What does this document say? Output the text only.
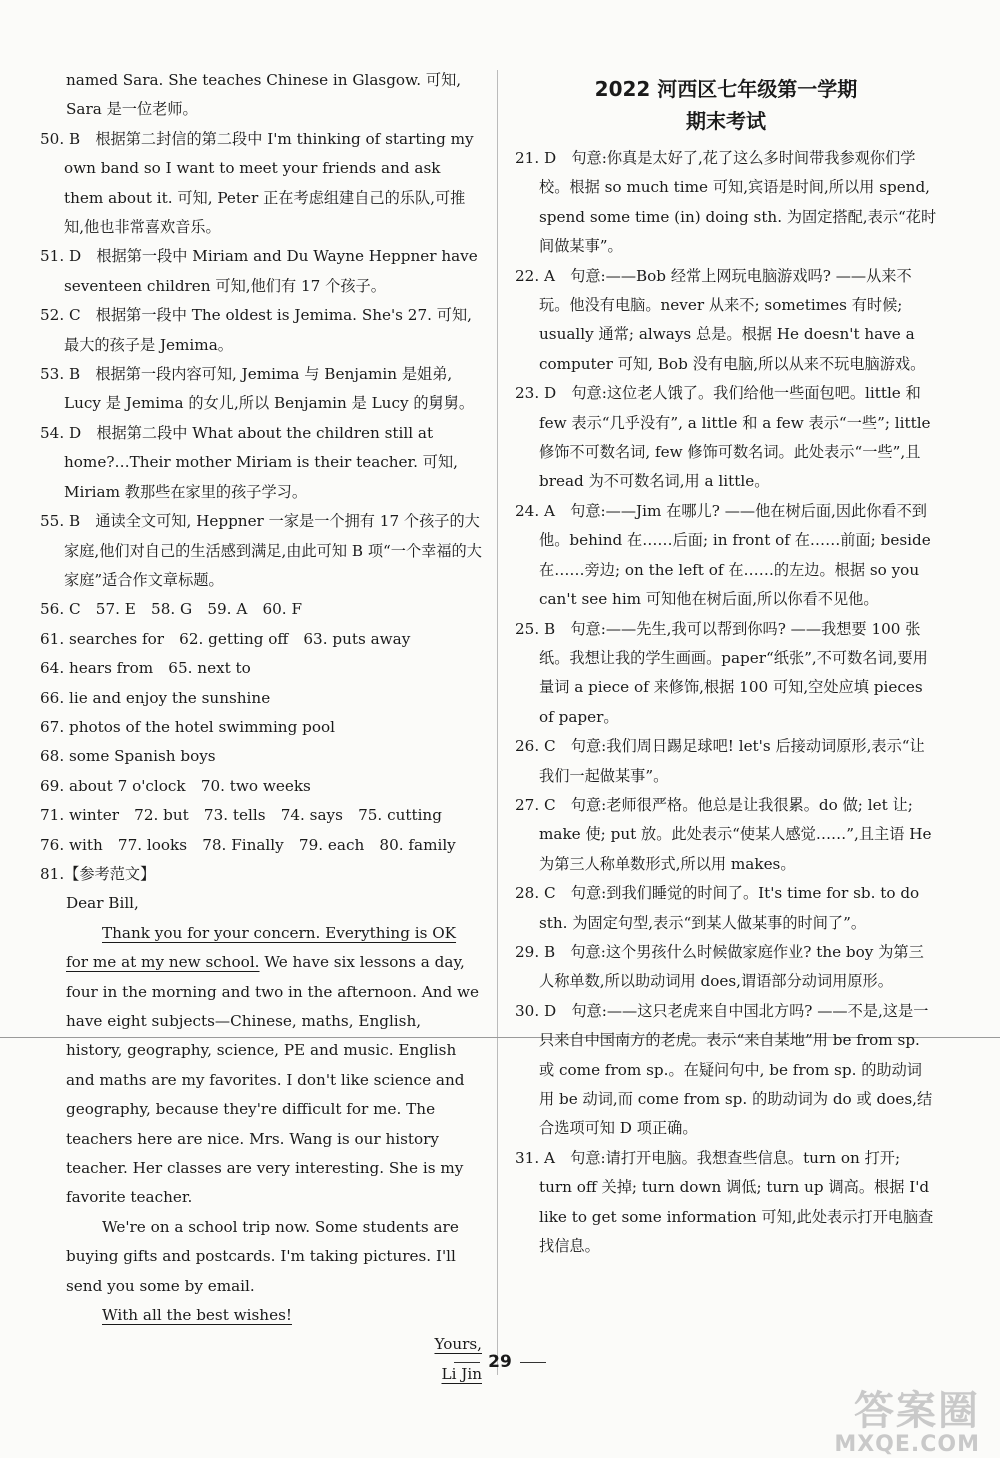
named Sara. She teaches Chinese in Glasgow. 可知,

Sara 是一位老师。

50. B　根据第二封信的第二段中 I'm thinking of starting my own band so I want to meet your friends and ask them about it. 可知, Peter 正在考虑组建自己的乐队,可推知,他也非常喜欢音乐。

51. D　根据第一段中 Miriam and Du Wayne Heppner have seventeen children 可知,他们有 17 个孩子。

52. C　根据第一段中 The oldest is Jemima. She's 27. 可知,最大的孩子是 Jemima。

53. B　根据第一段内容可知, Jemima 与 Benjamin 是姐弟, Lucy 是 Jemima 的女儿,所以 Benjamin 是 Lucy 的舅舅。

54. D　根据第二段中 What about the children still at home?…Their mother Miriam is their teacher. 可知, Miriam 教那些在家里的孩子学习。

55. B　通读全文可知, Heppner 一家是一个拥有 17 个孩子的大家庭,他们对自己的生活感到满足,由此可知 B 项“一个幸福的大家庭”适合作文章标题。

56. C　57. E　58. G　59. A　60. F

61. searches for　62. getting off　63. puts away

64. hears from　65. next to

66. lie and enjoy the sunshine

67. photos of the hotel swimming pool

68. some Spanish boys

69. about 7 o'clock　70. two weeks

71. winter　72. but　73. tells　74. says　75. cutting

76. with　77. looks　78. Finally　79. each　80. family

81.【参考范文】

Dear Bill,

Thank you for your concern. Everything is OK for me at my new school. We have six lessons a day, four in the morning and two in the afternoon. And we have eight subjects—Chinese, maths, English, history, geography, science, PE and music. English and maths are my favorites. I don't like science and geography, because they're difficult for me. The teachers here are nice. Mrs. Wang is our history teacher. Her classes are very interesting. She is my favorite teacher.

We're on a school trip now. Some students are buying gifts and postcards. I'm taking pictures. I'll send you some by email.

With all the best wishes!

Yours,

Li Jin

2022 河西区七年级第一学期

期末考试

21. D　句意:你真是太好了,花了这么多时间带我参观你们学校。根据 so much time 可知,宾语是时间,所以用 spend, spend some time (in) doing sth. 为固定搭配,表示“花时间做某事”。

22. A　句意:——Bob 经常上网玩电脑游戏吗? ——从来不玩。他没有电脑。never 从来不; sometimes 有时候; usually 通常; always 总是。根据 He doesn't have a computer 可知, Bob 没有电脑,所以从来不玩电脑游戏。

23. D　句意:这位老人饿了。我们给他一些面包吧。little 和 few 表示“几乎没有”, a little 和 a few 表示“一些”; little 修饰不可数名词, few 修饰可数名词。此处表示“一些”,且 bread 为不可数名词,用 a little。

24. A　句意:——Jim 在哪儿? ——他在树后面,因此你看不到他。behind 在……后面; in front of 在……前面; beside 在……旁边; on the left of 在……的左边。根据 so you can't see him 可知他在树后面,所以你看不见他。

25. B　句意:——先生,我可以帮到你吗? ——我想要 100 张纸。我想让我的学生画画。paper“纸张”,不可数名词,要用量词 a piece of 来修饰,根据 100 可知,空处应填 pieces of paper。

26. C　句意:我们周日踢足球吧! let's 后接动词原形,表示“让我们一起做某事”。

27. C　句意:老师很严格。他总是让我很累。do 做; let 让; make 使; put 放。此处表示“使某人感觉……”,且主语 He 为第三人称单数形式,所以用 makes。

28. C　句意:到我们睡觉的时间了。It's time for sb. to do sth. 为固定句型,表示“到某人做某事的时间了”。

29. B　句意:这个男孩什么时候做家庭作业? the boy 为第三人称单数,所以助动词用 does,谓语部分动词用原形。

30. D　句意:——这只老虎来自中国北方吗? ——不是,这是一只来自中国南方的老虎。表示“来自某地”用 be from sp. 或 come from sp.。在疑问句中, be from sp. 的助动词用 be 动词,而 come from sp. 的助动词为 do 或 does,结合选项可知 D 项正确。

31. A　句意:请打开电脑。我想查些信息。turn on 打开; turn off 关掉; turn down 调低; turn up 调高。根据 I'd like to get some information 可知,此处表示打开电脑查找信息。

29
答案圈
MXQE.COM
